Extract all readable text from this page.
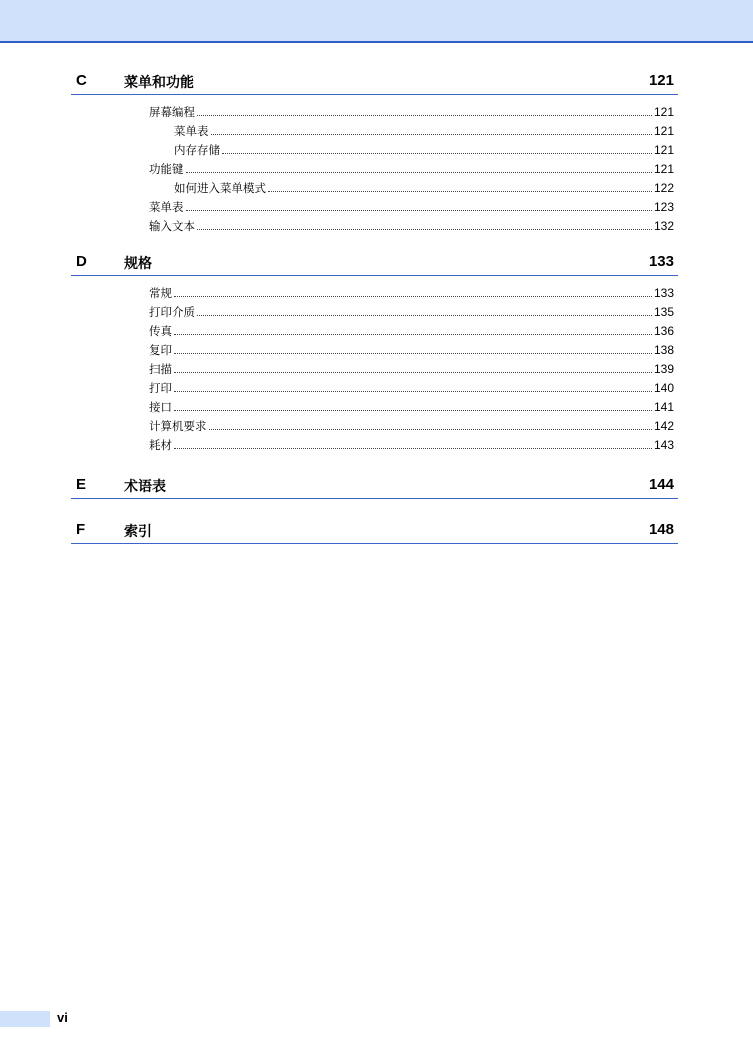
C	菜单和功能	121
屏幕编程	121
菜单表	121
内存存储	121
功能键	121
如何进入菜单模式	122
菜单表	123
输入文本	132
D	规格	133
常规	133
打印介质	135
传真	136
复印	138
扫描	139
打印	140
接口	141
计算机要求	142
耗材	143
E	术语表	144
F	索引	148
vi
